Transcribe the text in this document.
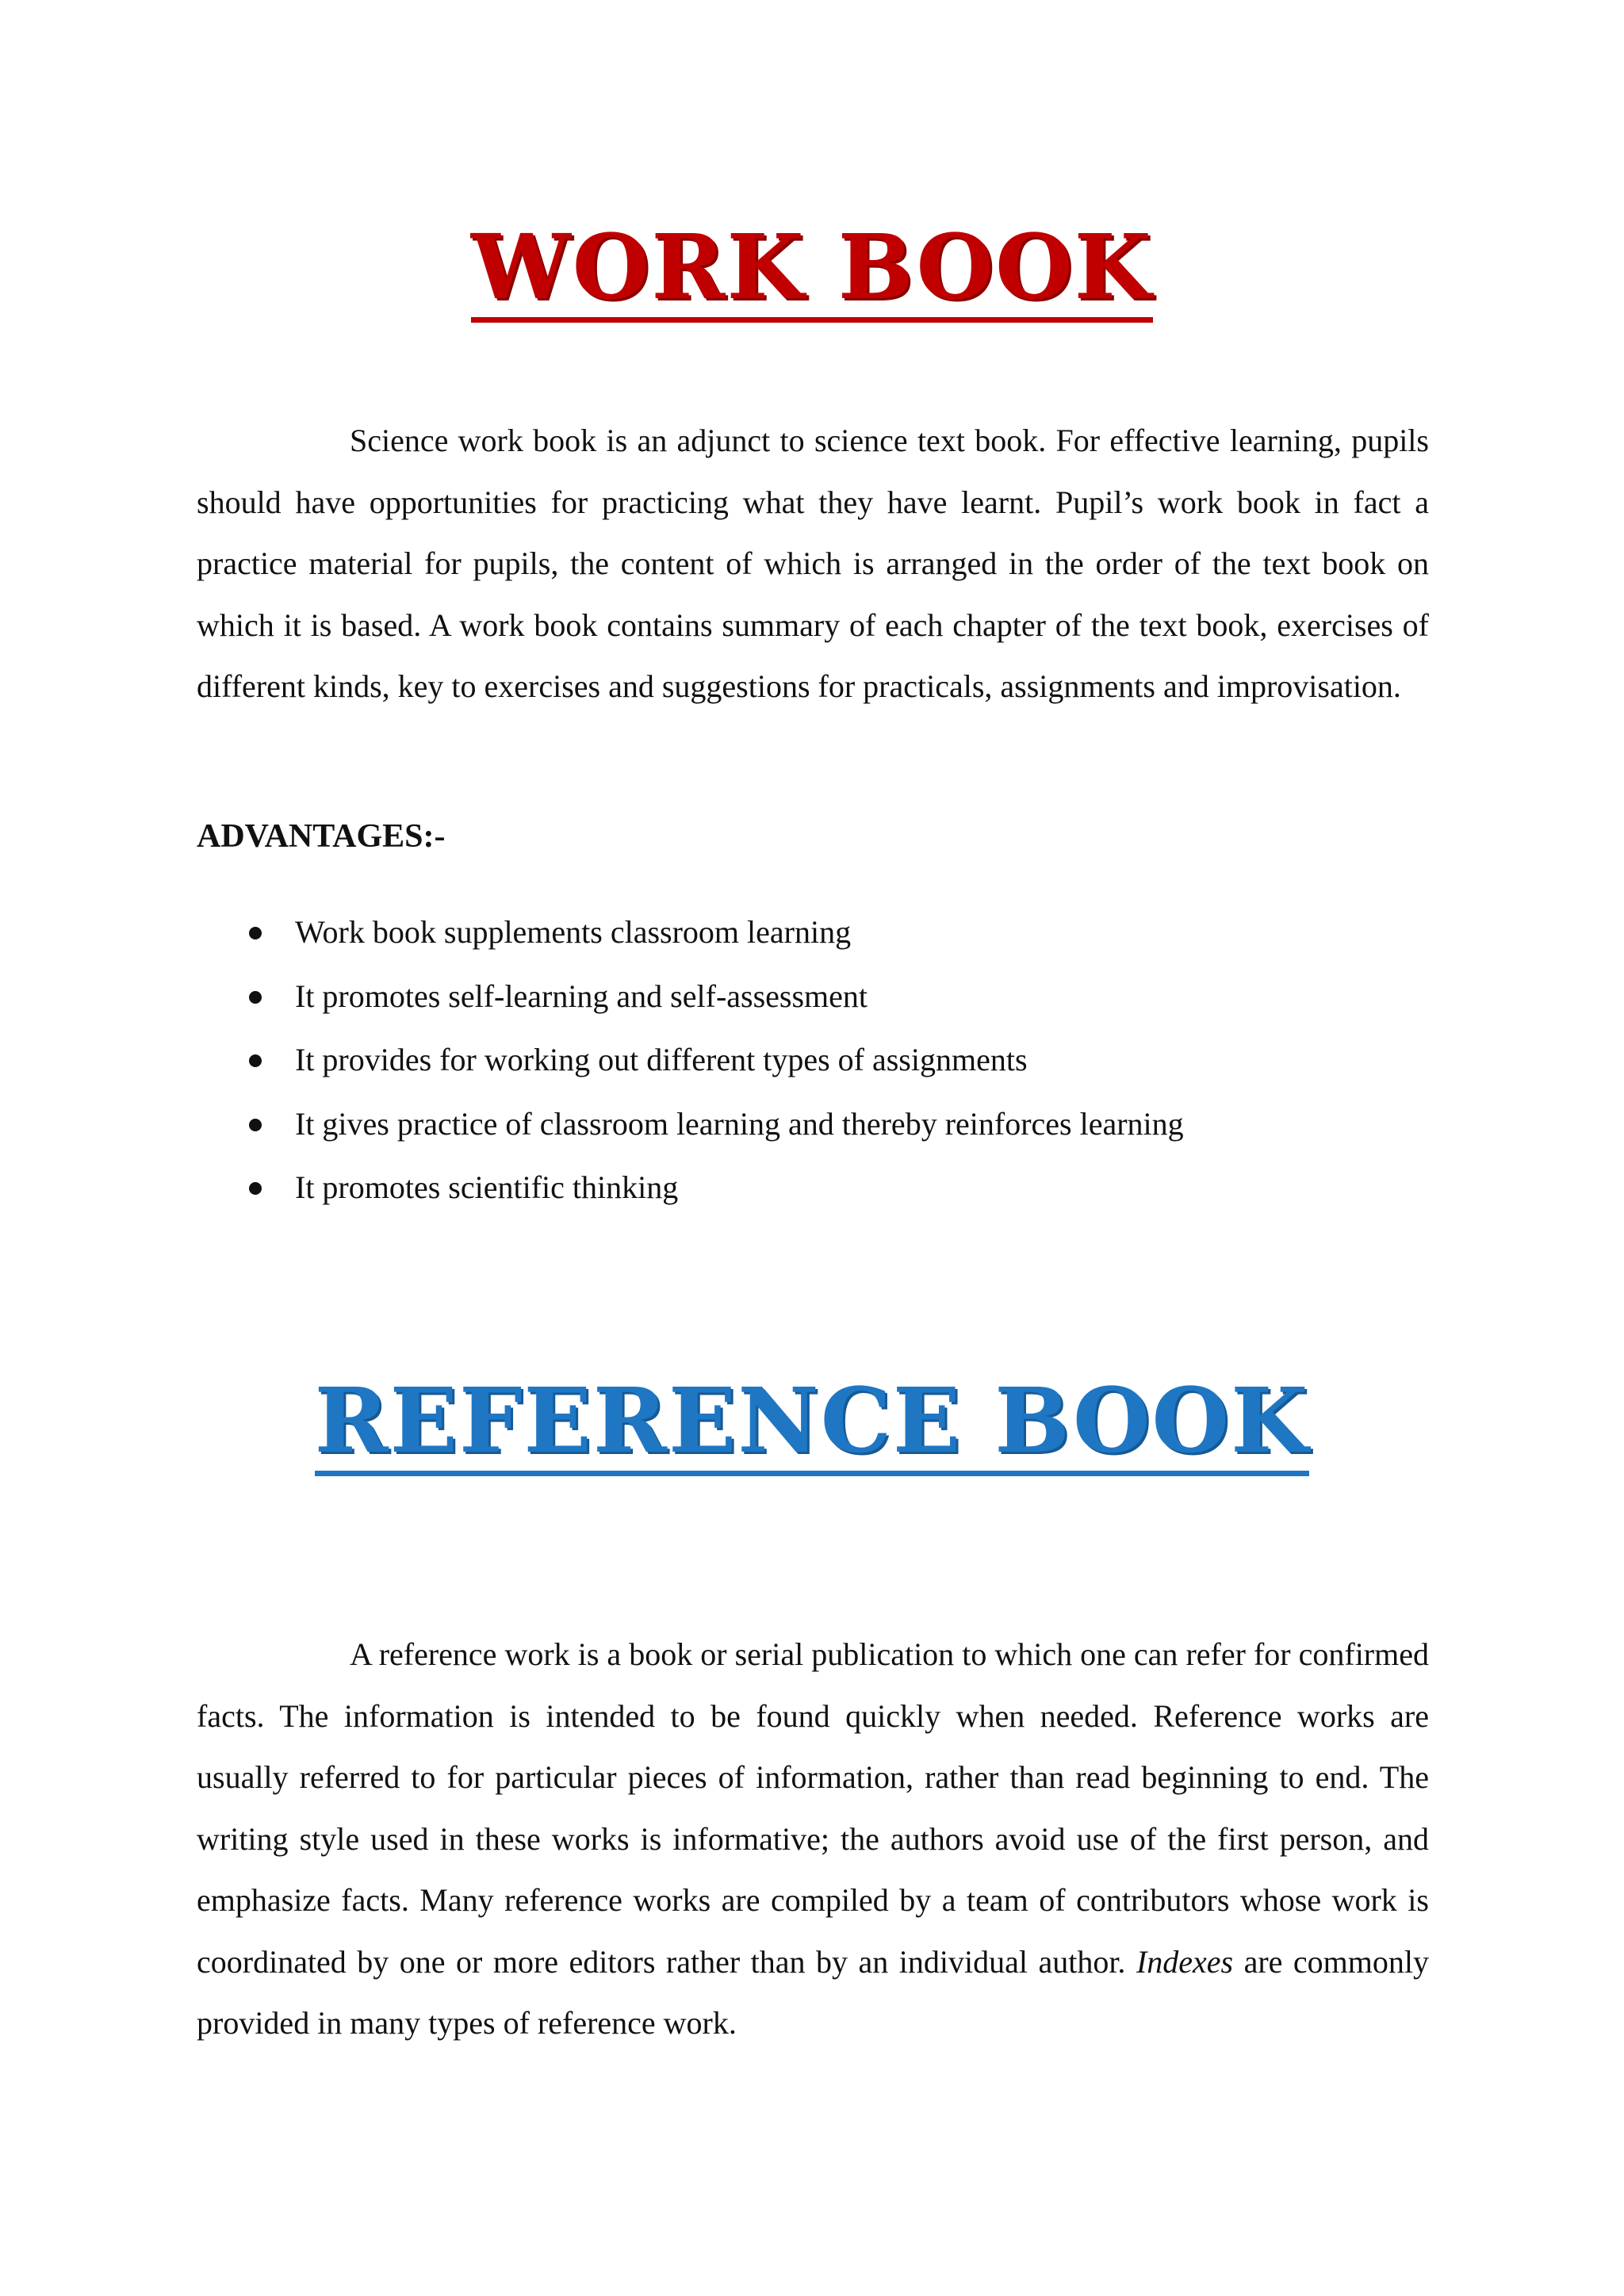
WORK BOOK

Science work book is an adjunct to science text book. For effective learning, pupils should have opportunities for practicing what they have learnt. Pupil’s work book in fact a practice material for pupils, the content of which is arranged in the order of the text book on which it is based. A work book contains summary of each chapter of the text book, exercises of different kinds, key to exercises and suggestions for practicals, assignments and improvisation.

ADVANTAGES:-
Work book supplements classroom learning
It promotes self-learning and self-assessment
It provides for working out different types of assignments
It gives practice of classroom learning and thereby reinforces learning
It promotes scientific thinking
REFERENCE BOOK

A reference work is a book or serial publication to which one can refer for confirmed facts. The information is intended to be found quickly when needed. Reference works are usually referred to for particular pieces of information, rather than read beginning to end. The writing style used in these works is informative; the authors avoid use of the first person, and emphasize facts. Many reference works are compiled by a team of contributors whose work is coordinated by one or more editors rather than by an individual author. Indexes are commonly provided in many types of reference work.
